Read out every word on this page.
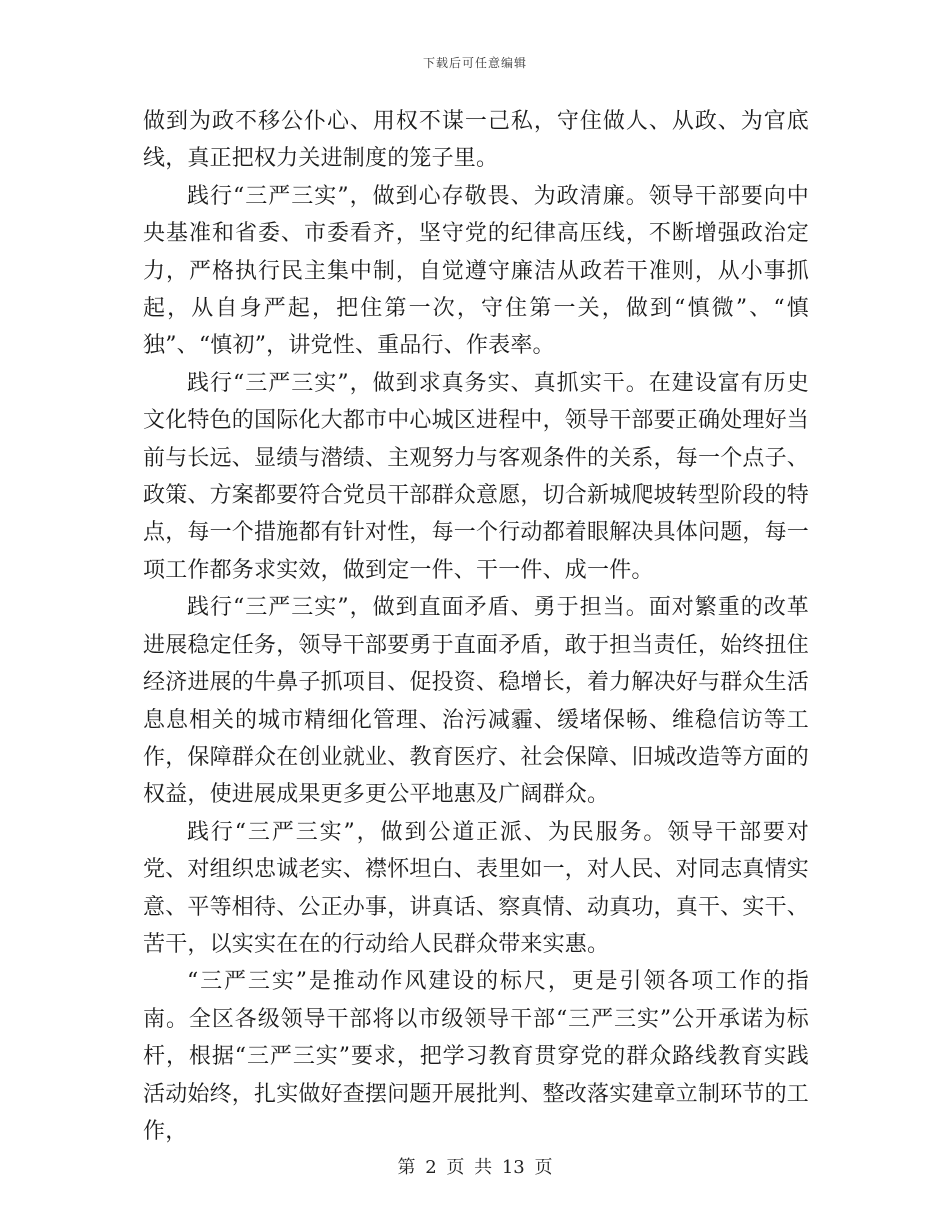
下载后可任意编辑

做到为政不移公仆心、用权不谋一己私，守住做人、从政、为官底线，真正把权力关进制度的笼子里。

践行“三严三实”，做到心存敬畏、为政清廉。领导干部要向中央基准和省委、市委看齐，坚守党的纪律高压线，不断增强政治定力，严格执行民主集中制，自觉遵守廉洁从政若干准则，从小事抓起，从自身严起，把住第一次，守住第一关，做到“慎微”、“慎独”、“慎初”，讲党性、重品行、作表率。

践行“三严三实”，做到求真务实、真抓实干。在建设富有历史文化特色的国际化大都市中心城区进程中，领导干部要正确处理好当前与长远、显绩与潜绩、主观努力与客观条件的关系，每一个点子、政策、方案都要符合党员干部群众意愿，切合新城爬坡转型阶段的特点，每一个措施都有针对性，每一个行动都着眼解决具体问题，每一项工作都务求实效，做到定一件、干一件、成一件。

践行“三严三实”，做到直面矛盾、勇于担当。面对繁重的改革进展稳定任务，领导干部要勇于直面矛盾，敢于担当责任，始终扭住经济进展的牛鼻子抓项目、促投资、稳增长，着力解决好与群众生活息息相关的城市精细化管理、治污减霾、缓堵保畅、维稳信访等工作，保障群众在创业就业、教育医疗、社会保障、旧城改造等方面的权益，使进展成果更多更公平地惠及广阔群众。

践行“三严三实”，做到公道正派、为民服务。领导干部要对党、对组织忠诚老实、襟怀坦白、表里如一，对人民、对同志真情实意、平等相待、公正办事，讲真话、察真情、动真功，真干、实干、苦干，以实实在在的行动给人民群众带来实惠。

“三严三实”是推动作风建设的标尺，更是引领各项工作的指南。全区各级领导干部将以市级领导干部“三严三实”公开承诺为标杆，根据“三严三实”要求，把学习教育贯穿党的群众路线教育实践活动始终，扎实做好查摆问题开展批判、整改落实建章立制环节的工作，

第 2 页 共 13 页
